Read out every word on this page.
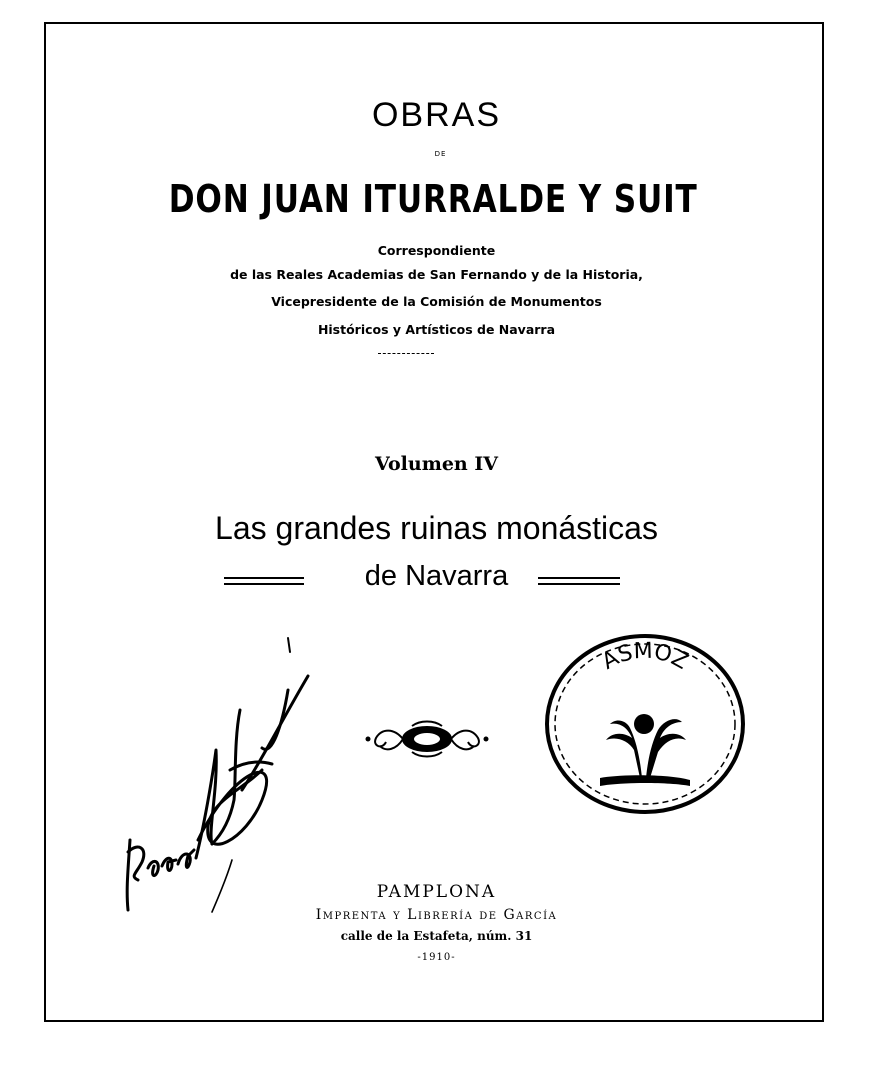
OBRAS
DE
DON JUAN ITURRALDE Y SUIT
Correspondiente
de las Reales Academias de San Fernando y de la Historia,
Vicepresidente de la Comisión de Monumentos
Históricos y Artísticos de Navarra
Volumen IV
Las grandes ruinas monásticas
de Navarra
ASMOZ
PAMPLONA
Imprenta y Librería de García
calle de la Estafeta, núm. 31
-1910-
